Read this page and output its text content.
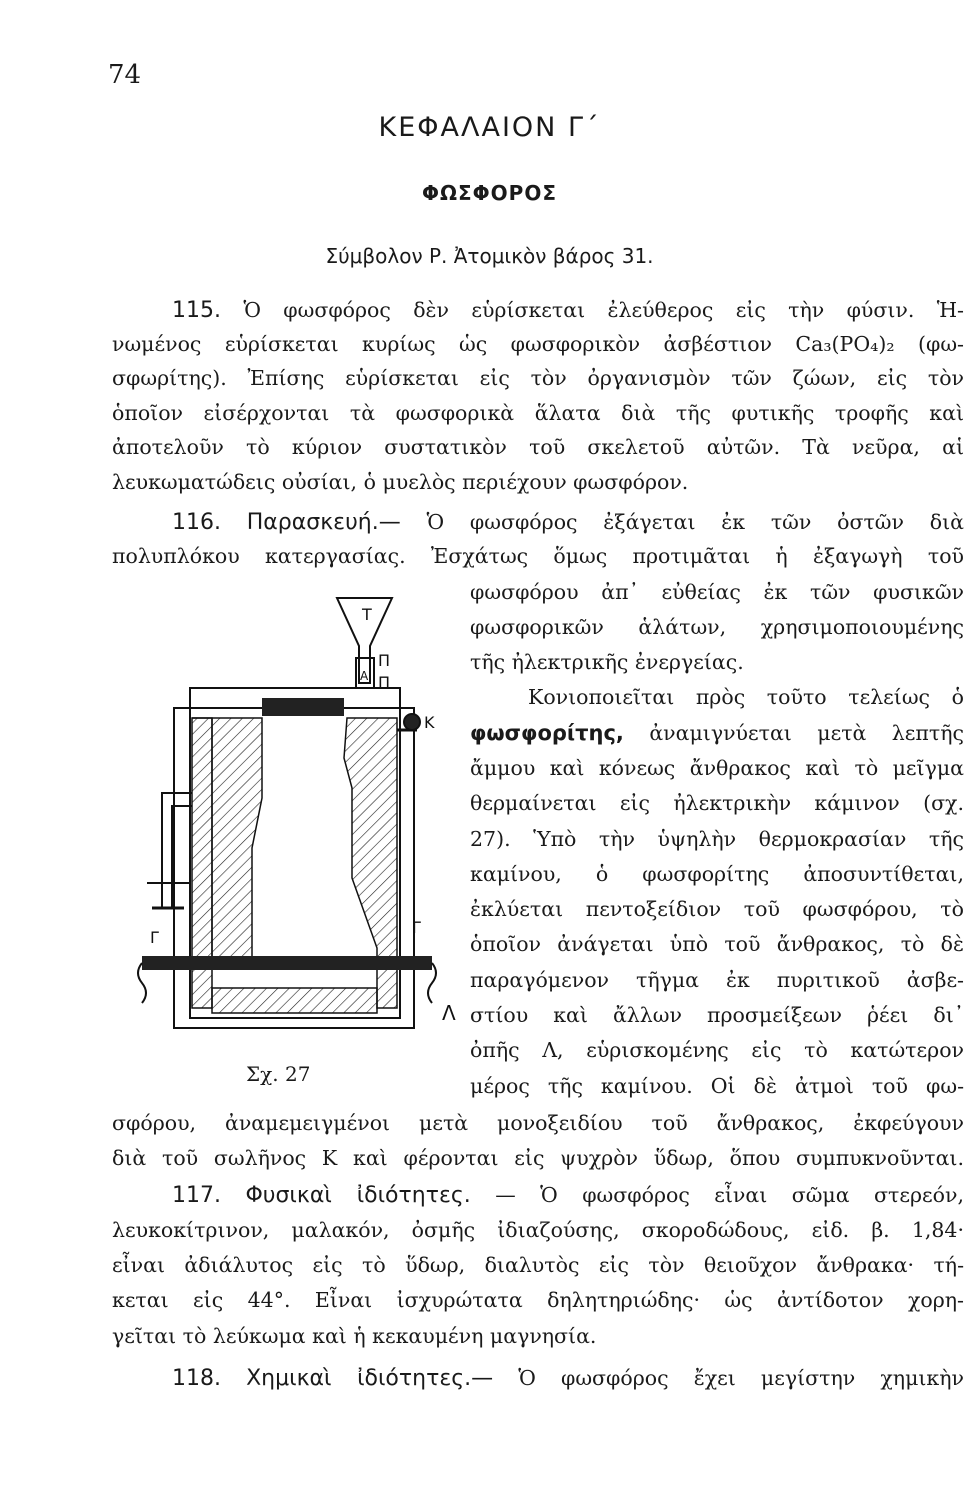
74
ΚΕΦΑΛΑΙΟΝ Γ΄
ΦΩΣΦΟΡΟΣ
Σύμβολον Ρ. Ἀτομικὸν βάρος 31.
115. Ὁ φωσφόρος δὲν εὑρίσκεται ἐλεύθερος εἰς τὴν φύσιν. Ἡ-
νωμένος εὑρίσκεται κυρίως ὡς φωσφορικὸν ἀσβέστιον Ca₃(PO₄)₂ (φω-
σφωρίτης). Ἐπίσης εὑρίσκεται εἰς τὸν ὀργανισμὸν τῶν ζώων, εἰς τὸν
ὁποῖον εἰσέρχονται τὰ φωσφορικὰ ἅλατα διὰ τῆς φυτικῆς τροφῆς καὶ
ἀποτελοῦν τὸ κύριον συστατικὸν τοῦ σκελετοῦ αὐτῶν. Τὰ νεῦρα, αἱ
λευκωματώδεις οὐσίαι, ὁ μυελὸς περιέχουν φωσφόρον.
116. Παρασκευή.— Ὁ φωσφόρος ἐξάγεται ἐκ τῶν ὀστῶν διὰ
πολυπλόκου κατεργασίας. Ἐσχάτως ὅμως προτιμᾶται ἡ ἐξαγωγὴ τοῦ
φωσφόρου ἀπ᾽ εὐθείας ἐκ τῶν φυσικῶν
φωσφορικῶν ἁλάτων, χρησιμοποιουμένης
τῆς ἠλεκτρικῆς ἐνεργείας.
Κονιοποιεῖται πρὸς τοῦτο τελείως ὁ
φωσφορίτης, ἀναμιγνύεται μετὰ λεπτῆς
ἄμμου καὶ κόνεως ἄνθρακος καὶ τὸ μεῖγμα
θερμαίνεται εἰς ἠλεκτρικὴν κάμινον (σχ.
27). Ὑπὸ τὴν ὑψηλὴν θερμοκρασίαν τῆς
καμίνου, ὁ φωσφορίτης ἀποσυντίθεται,
ἐκλύεται πεντοξείδιον τοῦ φωσφόρου, τὸ
ὁποῖον ἀνάγεται ὑπὸ τοῦ ἄνθρακος, τὸ δὲ
παραγόμενον τῆγμα ἐκ πυριτικοῦ ἀσβε-
στίου καὶ ἄλλων προσμείξεων ῥέει δι᾽
ὀπῆς Λ, εὑρισκομένης εἰς τὸ κατώτερον
μέρος τῆς καμίνου. Οἱ δὲ ἀτμοὶ τοῦ φω-
σφόρου, ἀναμεμειγμένοι μετὰ μονοξειδίου τοῦ ἄνθρακος, ἐκφεύγουν
διὰ τοῦ σωλῆνος Κ καὶ φέρονται εἰς ψυχρὸν ὕδωρ, ὅπου συμπυκνοῦνται.
117. Φυσικαὶ ἰδιότητες. — Ὁ φωσφόρος εἶναι σῶμα στερεόν,
λευκοκίτρινον, μαλακόν, ὀσμῆς ἰδιαζούσης, σκοροδώδους, εἰδ. β. 1,84·
εἶναι ἀδιάλυτος εἰς τὸ ὕδωρ, διαλυτὸς εἰς τὸν θειοῦχον ἄνθρακα· τή-
κεται εἰς 44°. Εἶναι ἰσχυρώτατα δηλητηριώδης· ὡς ἀντίδοτον χορη-
γεῖται τὸ λεύκωμα καὶ ἡ κεκαυμένη μαγνησία.
118. Χημικαὶ ἰδιότητες.— Ὁ φωσφόρος ἔχει μεγίστην χημικὴν
Τ
Α
Π
Π
Κ
Γ
Γ
Λ
Σχ. 27
